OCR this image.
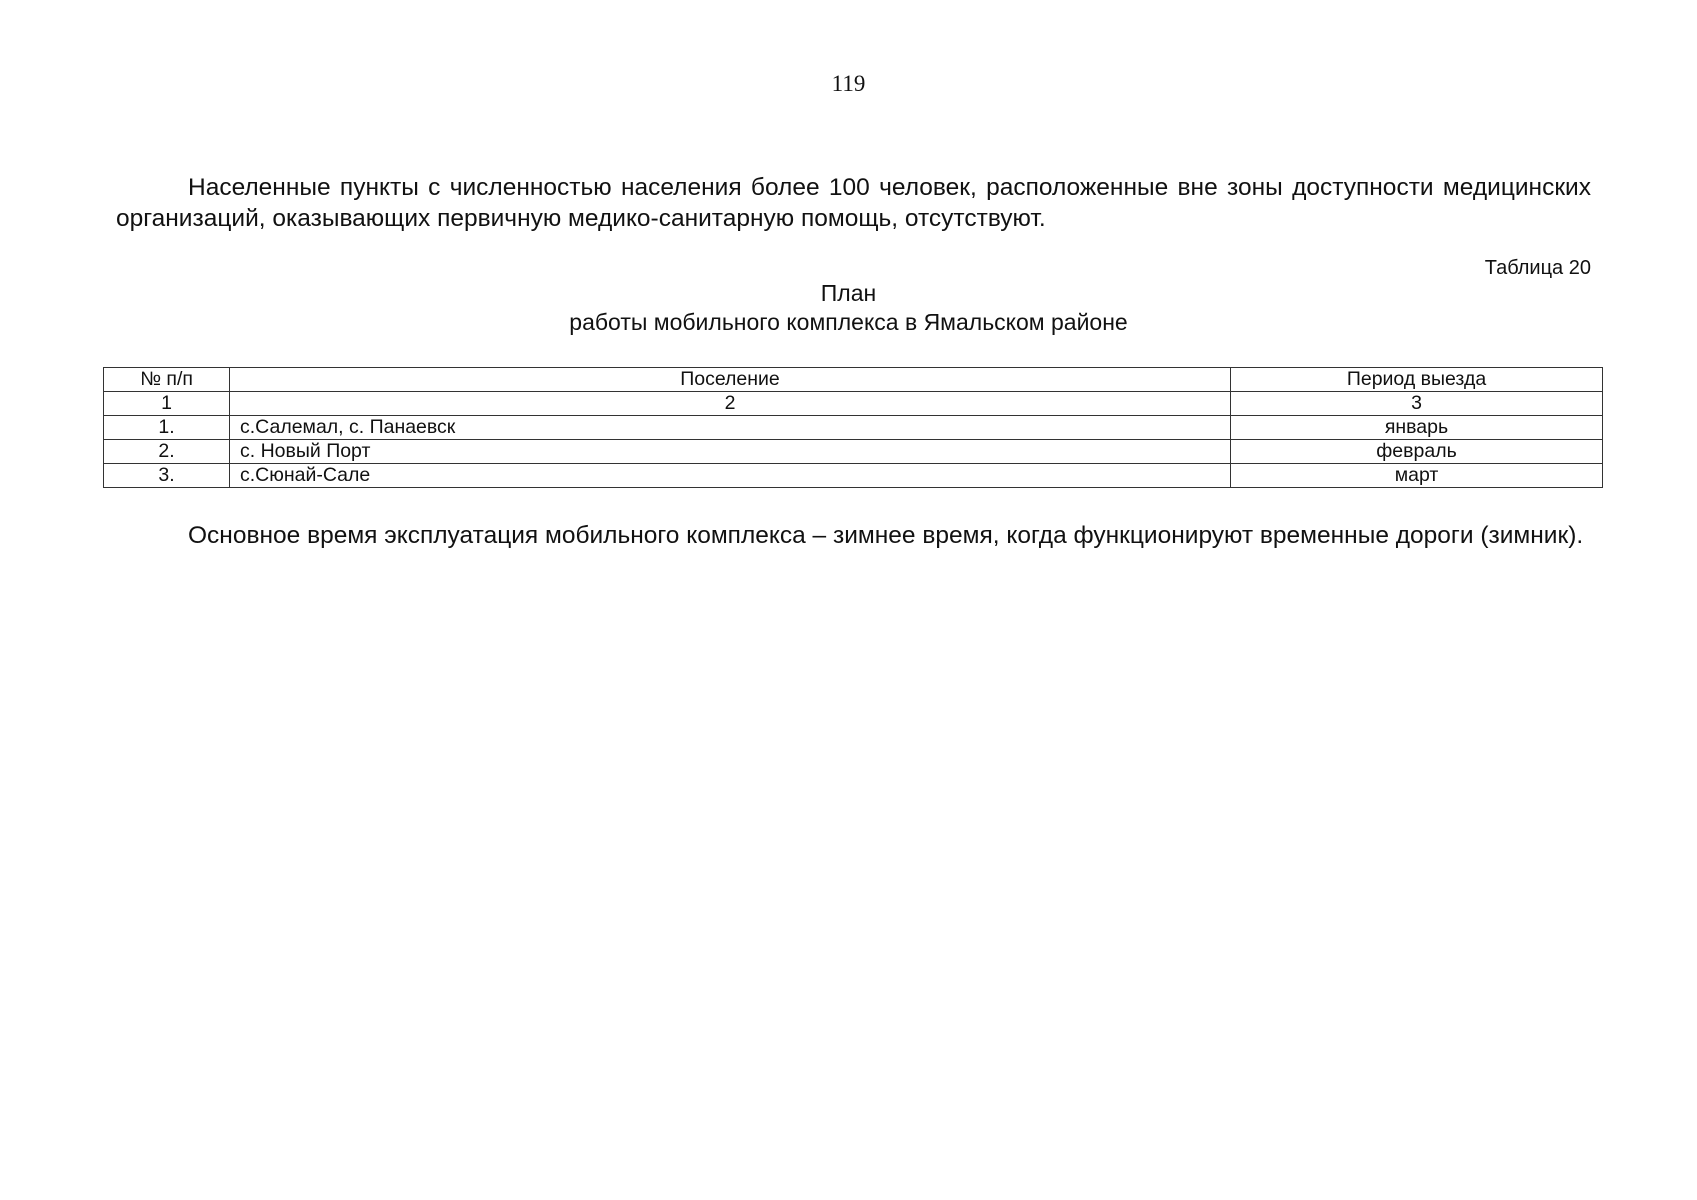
119

Населенные пункты с численностью населения более 100 человек, расположенные вне зоны доступности медицинских организаций, оказывающих первичную медико-санитарную помощь, отсутствуют.

Таблица 20
План
работы мобильного комплекса в Ямальском районе
№ п/п	Поселение	Период выезда
1	2	3
1.	с.Салемал, с. Панаевск	январь
2.	с. Новый Порт	февраль
3.	с.Сюнай-Сале	март

Основное время эксплуатация мобильного комплекса – зимнее время, когда функционируют временные дороги (зимник).
